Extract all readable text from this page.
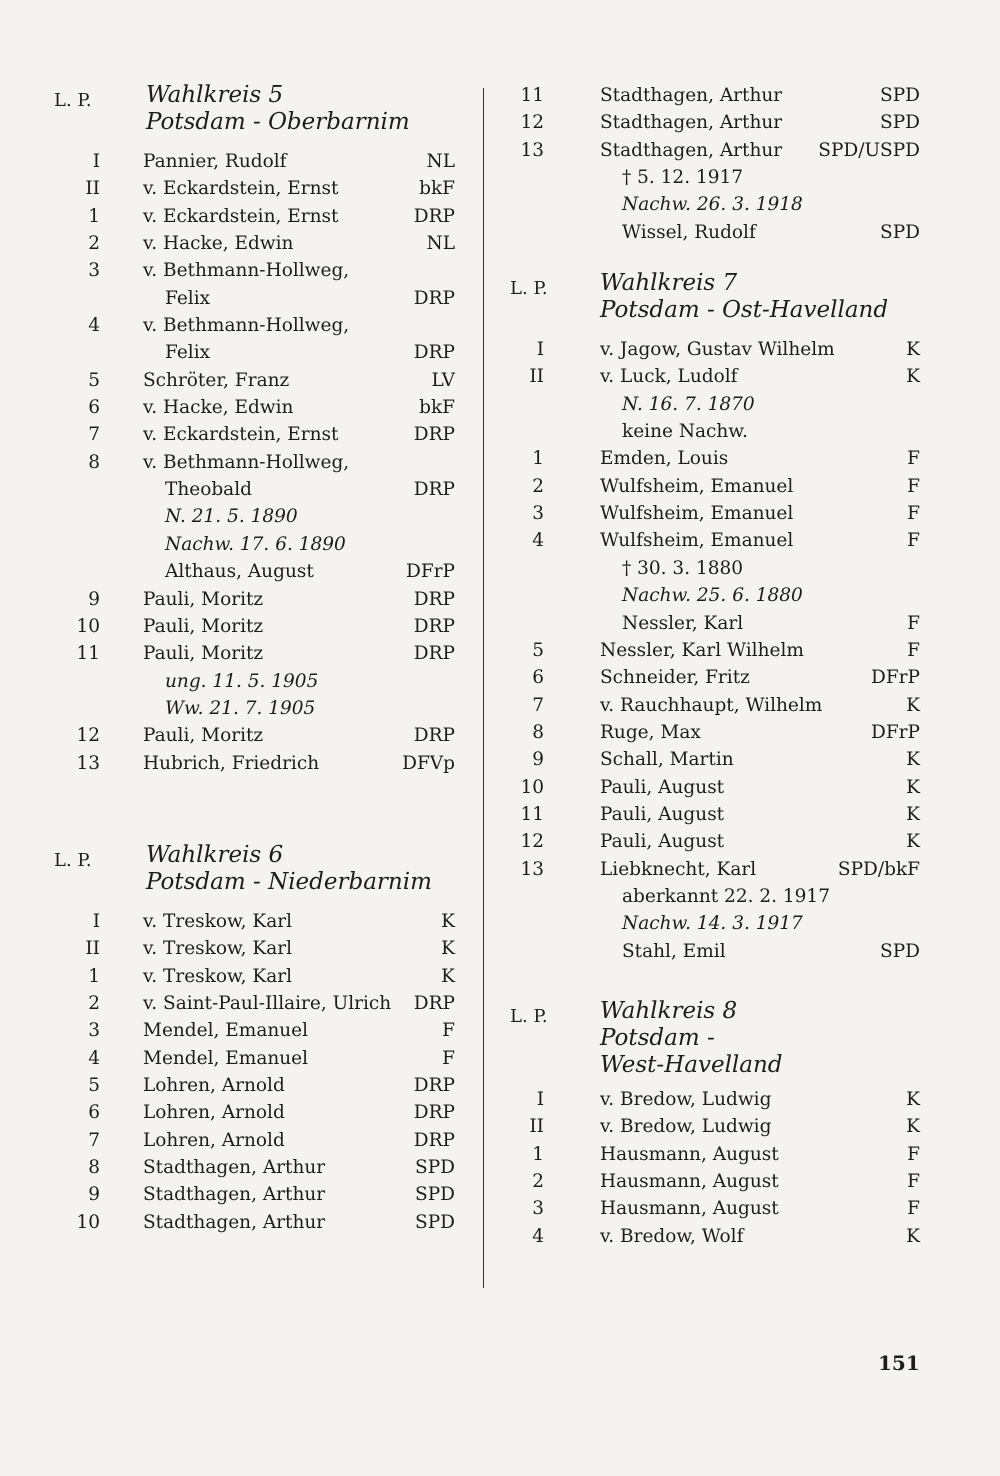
L. P. Wahlkreis 5
Potsdam - Oberbarnim
I Pannier, Rudolf	NL
II v. Eckardstein, Ernst	bkF
1 v. Eckardstein, Ernst	DRP
2 v. Hacke, Edwin	NL
3 v. Bethmann-Hollweg,
Felix	DRP
4 v. Bethmann-Hollweg,
Felix	DRP
5 Schröter, Franz	LV
6 v. Hacke, Edwin	bkF
7 v. Eckardstein, Ernst	DRP
8 v. Bethmann-Hollweg,
Theobald	DRP
N. 21. 5. 1890
Nachw. 17. 6. 1890
Althaus, August	DFrP
9 Pauli, Moritz	DRP
10 Pauli, Moritz	DRP
11 Pauli, Moritz	DRP
ung. 11. 5. 1905
Ww. 21. 7. 1905
12 Pauli, Moritz	DRP
13 Hubrich, Friedrich	DFVp
L. P. Wahlkreis 6
Potsdam - Niederbarnim
I v. Treskow, Karl	K
II v. Treskow, Karl	K
1 v. Treskow, Karl	K
2 v. Saint-Paul-Illaire, Ulrich DRP
3 Mendel, Emanuel	F
4 Mendel, Emanuel	F
5 Lohren, Arnold	DRP
6 Lohren, Arnold	DRP
7 Lohren, Arnold	DRP
8 Stadthagen, Arthur	SPD
9 Stadthagen, Arthur	SPD
10 Stadthagen, Arthur	SPD
11	Stadthagen, Arthur	SPD
12	Stadthagen, Arthur	SPD
13	Stadthagen, Arthur SPD/USPD
† 5. 12. 1917
Nachw. 26. 3. 1918
Wissel, Rudolf	SPD
L. P. Wahlkreis 7
Potsdam - Ost-Havelland
I	v. Jagow, Gustav Wilhelm	K
II	v. Luck, Ludolf	K
N. 16. 7. 1870
keine Nachw.
1	Emden, Louis	F
2	Wulfsheim, Emanuel	F
3	Wulfsheim, Emanuel	F
4	Wulfsheim, Emanuel	F
† 30. 3. 1880
Nachw. 25. 6. 1880
Nessler, Karl	F
5	Nessler, Karl Wilhelm	F
6	Schneider, Fritz	DFrP
7	v. Rauchhaupt, Wilhelm	K
8	Ruge, Max	DFrP
9	Schall, Martin	K
10	Pauli, August	K
11	Pauli, August	K
12	Pauli, August	K
13	Liebknecht, Karl	SPD/bkF
aberkannt 22. 2. 1917
Nachw. 14. 3. 1917
Stahl, Emil	SPD
L. P. Wahlkreis 8
Potsdam -
West-Havelland
I	v. Bredow, Ludwig	K
II	v. Bredow, Ludwig	K
1	Hausmann, August	F
2	Hausmann, August	F
3	Hausmann, August	F
4	v. Bredow, Wolf	K
151
